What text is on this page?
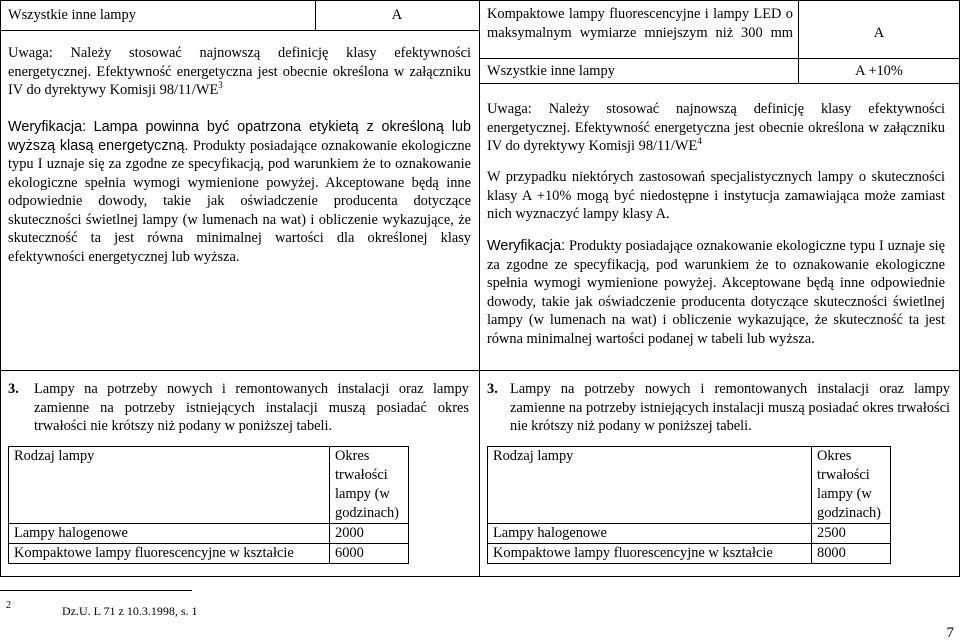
Wszystkie inne lampy	A
Uwaga: Należy stosować najnowszą definicję klasy efektywności energetycznej. Efektywność energetyczna jest obecnie określona w załączniku IV do dyrektywy Komisji $98/11/WE^3$
Weryfikacja: Lampa powinna być opatrzona etykietą z określoną lub wyższą klasą energetyczną. Produkty posiadające oznakowanie ekologiczne typu I uznaje się za zgodne ze specyfikacją, pod warunkiem że to oznakowanie ekologiczne spełnia wymogi wymienione powyżej. Akceptowane będą inne odpowiednie dowody, takie jak oświadczenie producenta dotyczące skuteczności świetlnej lampy (w lumenach na wat) i obliczenie wykazujące, że skuteczność ta jest równa minimalnej wartości dla określonej klasy efektywności energetycznej lub wyższa.
Kompaktowe lampy fluorescencyjne i lampy LED o maksymalnym wymiarze mniejszym niż 300 mm	A
Wszystkie inne lampy	A +10%
Uwaga: Należy stosować najnowszą definicję klasy efektywności energetycznej. Efektywność energetyczna jest obecnie określona w załączniku IV do dyrektywy Komisji $98/11/WE^4$
W przypadku niektórych zastosowań specjalistycznych lampy o skuteczności klasy A +10% mogą być niedostępne i instytucja zamawiająca może zamiast nich wyznaczyć lampy klasy A.
Weryfikacja: Produkty posiadające oznakowanie ekologiczne typu I uznaje się za zgodne ze specyfikacją, pod warunkiem że to oznakowanie ekologiczne spełnia wymogi wymienione powyżej. Akceptowane będą inne odpowiednie dowody, takie jak oświadczenie producenta dotyczące skuteczności świetlnej lampy (w lumenach na wat) i obliczenie wykazujące, że skuteczność ta jest równa minimalnej wartości podanej w tabeli lub wyższa.
3. Lampy na potrzeby nowych i remontowanych instalacji oraz lampy zamienne na potrzeby istniejących instalacji muszą posiadać okres trwałości nie krótszy niż podany w poniższej tabeli.
Rodzaj lampy	Okres trwałości lampy (w godzinach)
Lampy halogenowe	2000
Kompaktowe lampy fluorescencyjne w kształcie	6000
3. Lampy na potrzeby nowych i remontowanych instalacji oraz lampy zamienne na potrzeby istniejących instalacji muszą posiadać okres trwałości nie krótszy niż podany w poniższej tabeli.
Rodzaj lampy	Okres trwałości lampy (w godzinach)
Lampy halogenowe	2500
Kompaktowe lampy fluorescencyjne w kształcie	8000
2	Dz.U. L 71 z 10.3.1998, s. 1
7
